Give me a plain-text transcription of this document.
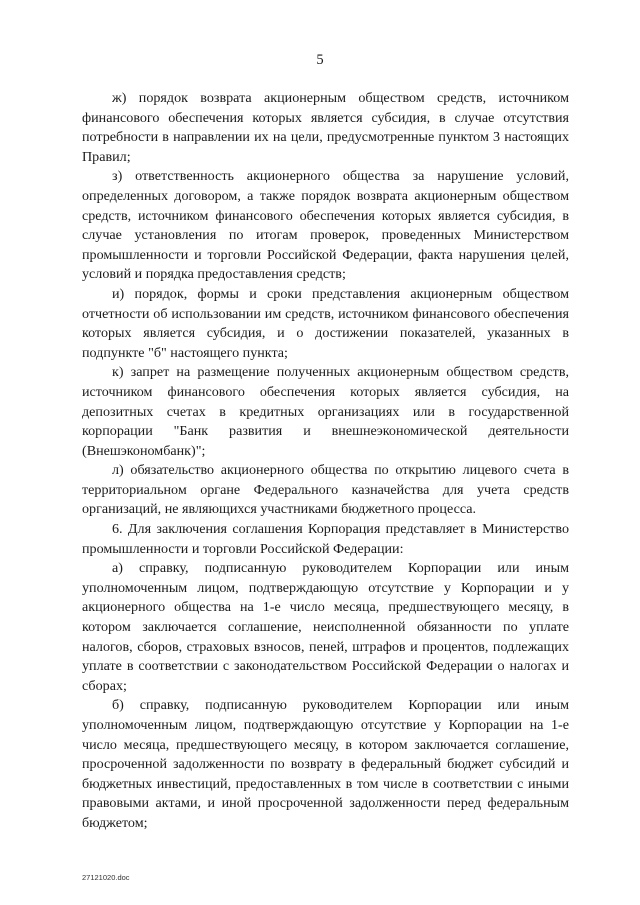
5

ж) порядок возврата акционерным обществом средств, источником финансового обеспечения которых является субсидия, в случае отсутствия потребности в направлении их на цели, предусмотренные пунктом 3 настоящих Правил;

з) ответственность акционерного общества за нарушение условий, определенных договором, а также порядок возврата акционерным обществом средств, источником финансового обеспечения которых является субсидия, в случае установления по итогам проверок, проведенных Министерством промышленности и торговли Российской Федерации, факта нарушения целей, условий и порядка предоставления средств;

и) порядок, формы и сроки представления акционерным обществом отчетности об использовании им средств, источником финансового обеспечения которых является субсидия, и о достижении показателей, указанных в подпункте "б" настоящего пункта;

к) запрет на размещение полученных акционерным обществом средств, источником финансового обеспечения которых является субсидия, на депозитных счетах в кредитных организациях или в государственной корпорации "Банк развития и внешнеэкономической деятельности (Внешэкономбанк)";

л) обязательство акционерного общества по открытию лицевого счета в территориальном органе Федерального казначейства для учета средств организаций, не являющихся участниками бюджетного процесса.

6. Для заключения соглашения Корпорация представляет в Министерство промышленности и торговли Российской Федерации:

а) справку, подписанную руководителем Корпорации или иным уполномоченным лицом, подтверждающую отсутствие у Корпорации и у акционерного общества на 1-е число месяца, предшествующего месяцу, в котором заключается соглашение, неисполненной обязанности по уплате налогов, сборов, страховых взносов, пеней, штрафов и процентов, подлежащих уплате в соответствии с законодательством Российской Федерации о налогах и сборах;

б) справку, подписанную руководителем Корпорации или иным уполномоченным лицом, подтверждающую отсутствие у Корпорации на 1-е число месяца, предшествующего месяцу, в котором заключается соглашение, просроченной задолженности по возврату в федеральный бюджет субсидий и бюджетных инвестиций, предоставленных в том числе в соответствии с иными правовыми актами, и иной просроченной задолженности перед федеральным бюджетом;

27121020.doc
